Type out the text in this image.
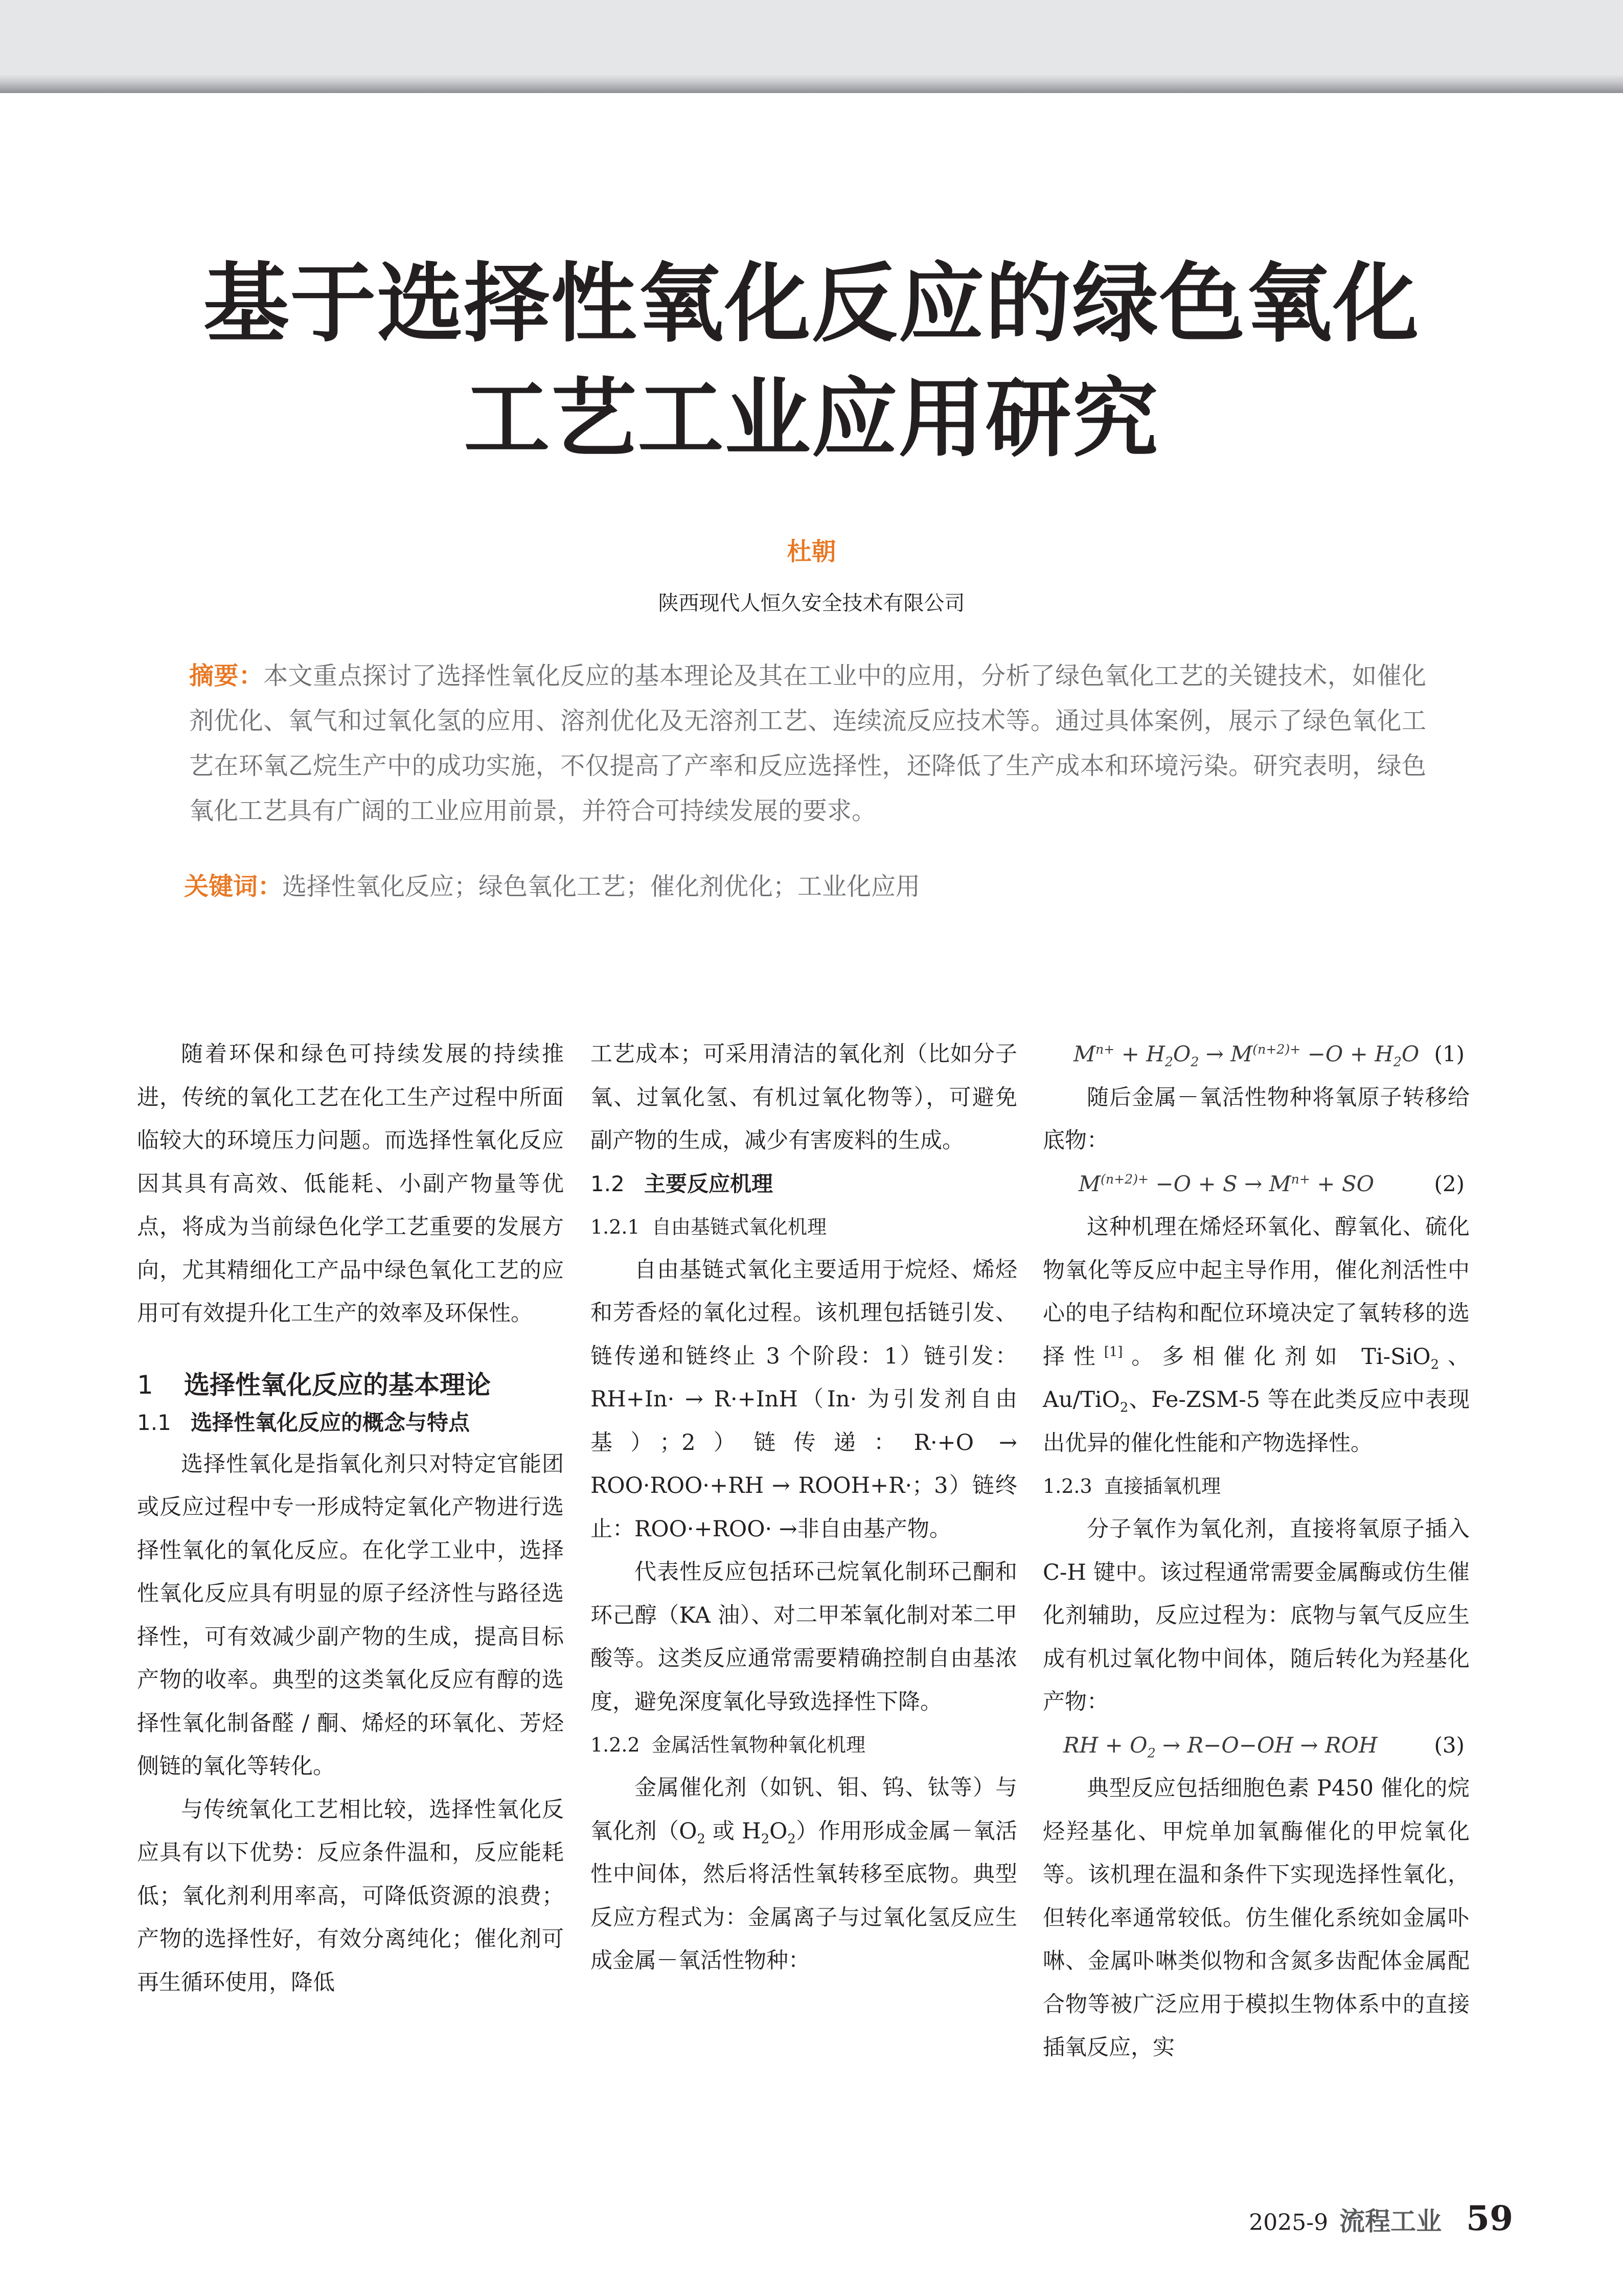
基于选择性氧化反应的绿色氧化
工艺工业应用研究
杜朝
陕西现代人恒久安全技术有限公司
摘要：本文重点探讨了选择性氧化反应的基本理论及其在工业中的应用，分析了绿色氧化工艺的关键技术，如催化剂优化、氧气和过氧化氢的应用、溶剂优化及无溶剂工艺、连续流反应技术等。通过具体案例，展示了绿色氧化工艺在环氧乙烷生产中的成功实施，不仅提高了产率和反应选择性，还降低了生产成本和环境污染。研究表明，绿色氧化工艺具有广阔的工业应用前景，并符合可持续发展的要求。
关键词：选择性氧化反应；绿色氧化工艺；催化剂优化；工业化应用

随着环保和绿色可持续发展的持续推进，传统的氧化工艺在化工生产过程中所面临较大的环境压力问题。而选择性氧化反应因其具有高效、低能耗、小副产物量等优点，将成为当前绿色化学工艺重要的发展方向，尤其精细化工产品中绿色氧化工艺的应用可有效提升化工生产的效率及环保性。

1 选择性氧化反应的基本理论
1.1 选择性氧化反应的概念与特点

选择性氧化是指氧化剂只对特定官能团或反应过程中专一形成特定氧化产物进行选择性氧化的氧化反应。在化学工业中，选择性氧化反应具有明显的原子经济性与路径选择性，可有效减少副产物的生成，提高目标产物的收率。典型的这类氧化反应有醇的选择性氧化制备醛 / 酮、烯烃的环氧化、芳烃侧链的氧化等转化。

与传统氧化工艺相比较，选择性氧化反应具有以下优势：反应条件温和，反应能耗低；氧化剂利用率高，可降低资源的浪费；产物的选择性好，有效分离纯化；催化剂可再生循环使用，降低

工艺成本；可采用清洁的氧化剂（比如分子氧、过氧化氢、有机过氧化物等），可避免副产物的生成，减少有害废料的生成。

1.2 主要反应机理
1.2.1 自由基链式氧化机理

自由基链式氧化主要适用于烷烃、烯烃和芳香烃的氧化过程。该机理包括链引发、链传递和链终止 3 个阶段：1）链引发：RH+In· → R·+InH（In· 为引发剂自由基）；2）链传递：R·+O → ROO·ROO·+RH → ROOH+R·；3）链终止：ROO·+ROO· →非自由基产物。

代表性反应包括环己烷氧化制环己酮和环己醇（KA 油）、对二甲苯氧化制对苯二甲酸等。这类反应通常需要精确控制自由基浓度，避免深度氧化导致选择性下降。

1.2.2 金属活性氧物种氧化机理

金属催化剂（如钒、钼、钨、钛等）与氧化剂（$O_2$ 或 $H_2O_2$）作用形成金属－氧活性中间体，然后将活性氧转移至底物。典型反应方程式为：金属离子与过氧化氢反应生成金属－氧活性物种：

$M^{n+} + H_2O_2 \to M^{(n+2)+} -O + H_2O$ (1)

随后金属－氧活性物种将氧原子转移给底物：

$M^{(n+2)+} -O + S \to M^{n+}$ + SO	(2)

这种机理在烯烃环氧化、醇氧化、硫化物氧化等反应中起主导作用，催化剂活性中心的电子结构和配位环境决定了氧转移的选择性[1]。多相催化剂如 Ti-SiO$_2$、Au/TiO$_2$、Fe-ZSM-5 等在此类反应中表现出优异的催化性能和产物选择性。

1.2.3 直接插氧机理

分子氧作为氧化剂，直接将氧原子插入 C-H 键中。该过程通常需要金属酶或仿生催化剂辅助，反应过程为：底物与氧气反应生成有机过氧化物中间体，随后转化为羟基化产物：

RH + $O_2 \to R-O-OH$ → ROH	(3)

典型反应包括细胞色素 P450 催化的烷烃羟基化、甲烷单加氧酶催化的甲烷氧化等。该机理在温和条件下实现选择性氧化，但转化率通常较低。仿生催化系统如金属卟啉、金属卟啉类似物和含氮多齿配体金属配合物等被广泛应用于模拟生物体系中的直接插氧反应，实

2025-9 流程工业 59
